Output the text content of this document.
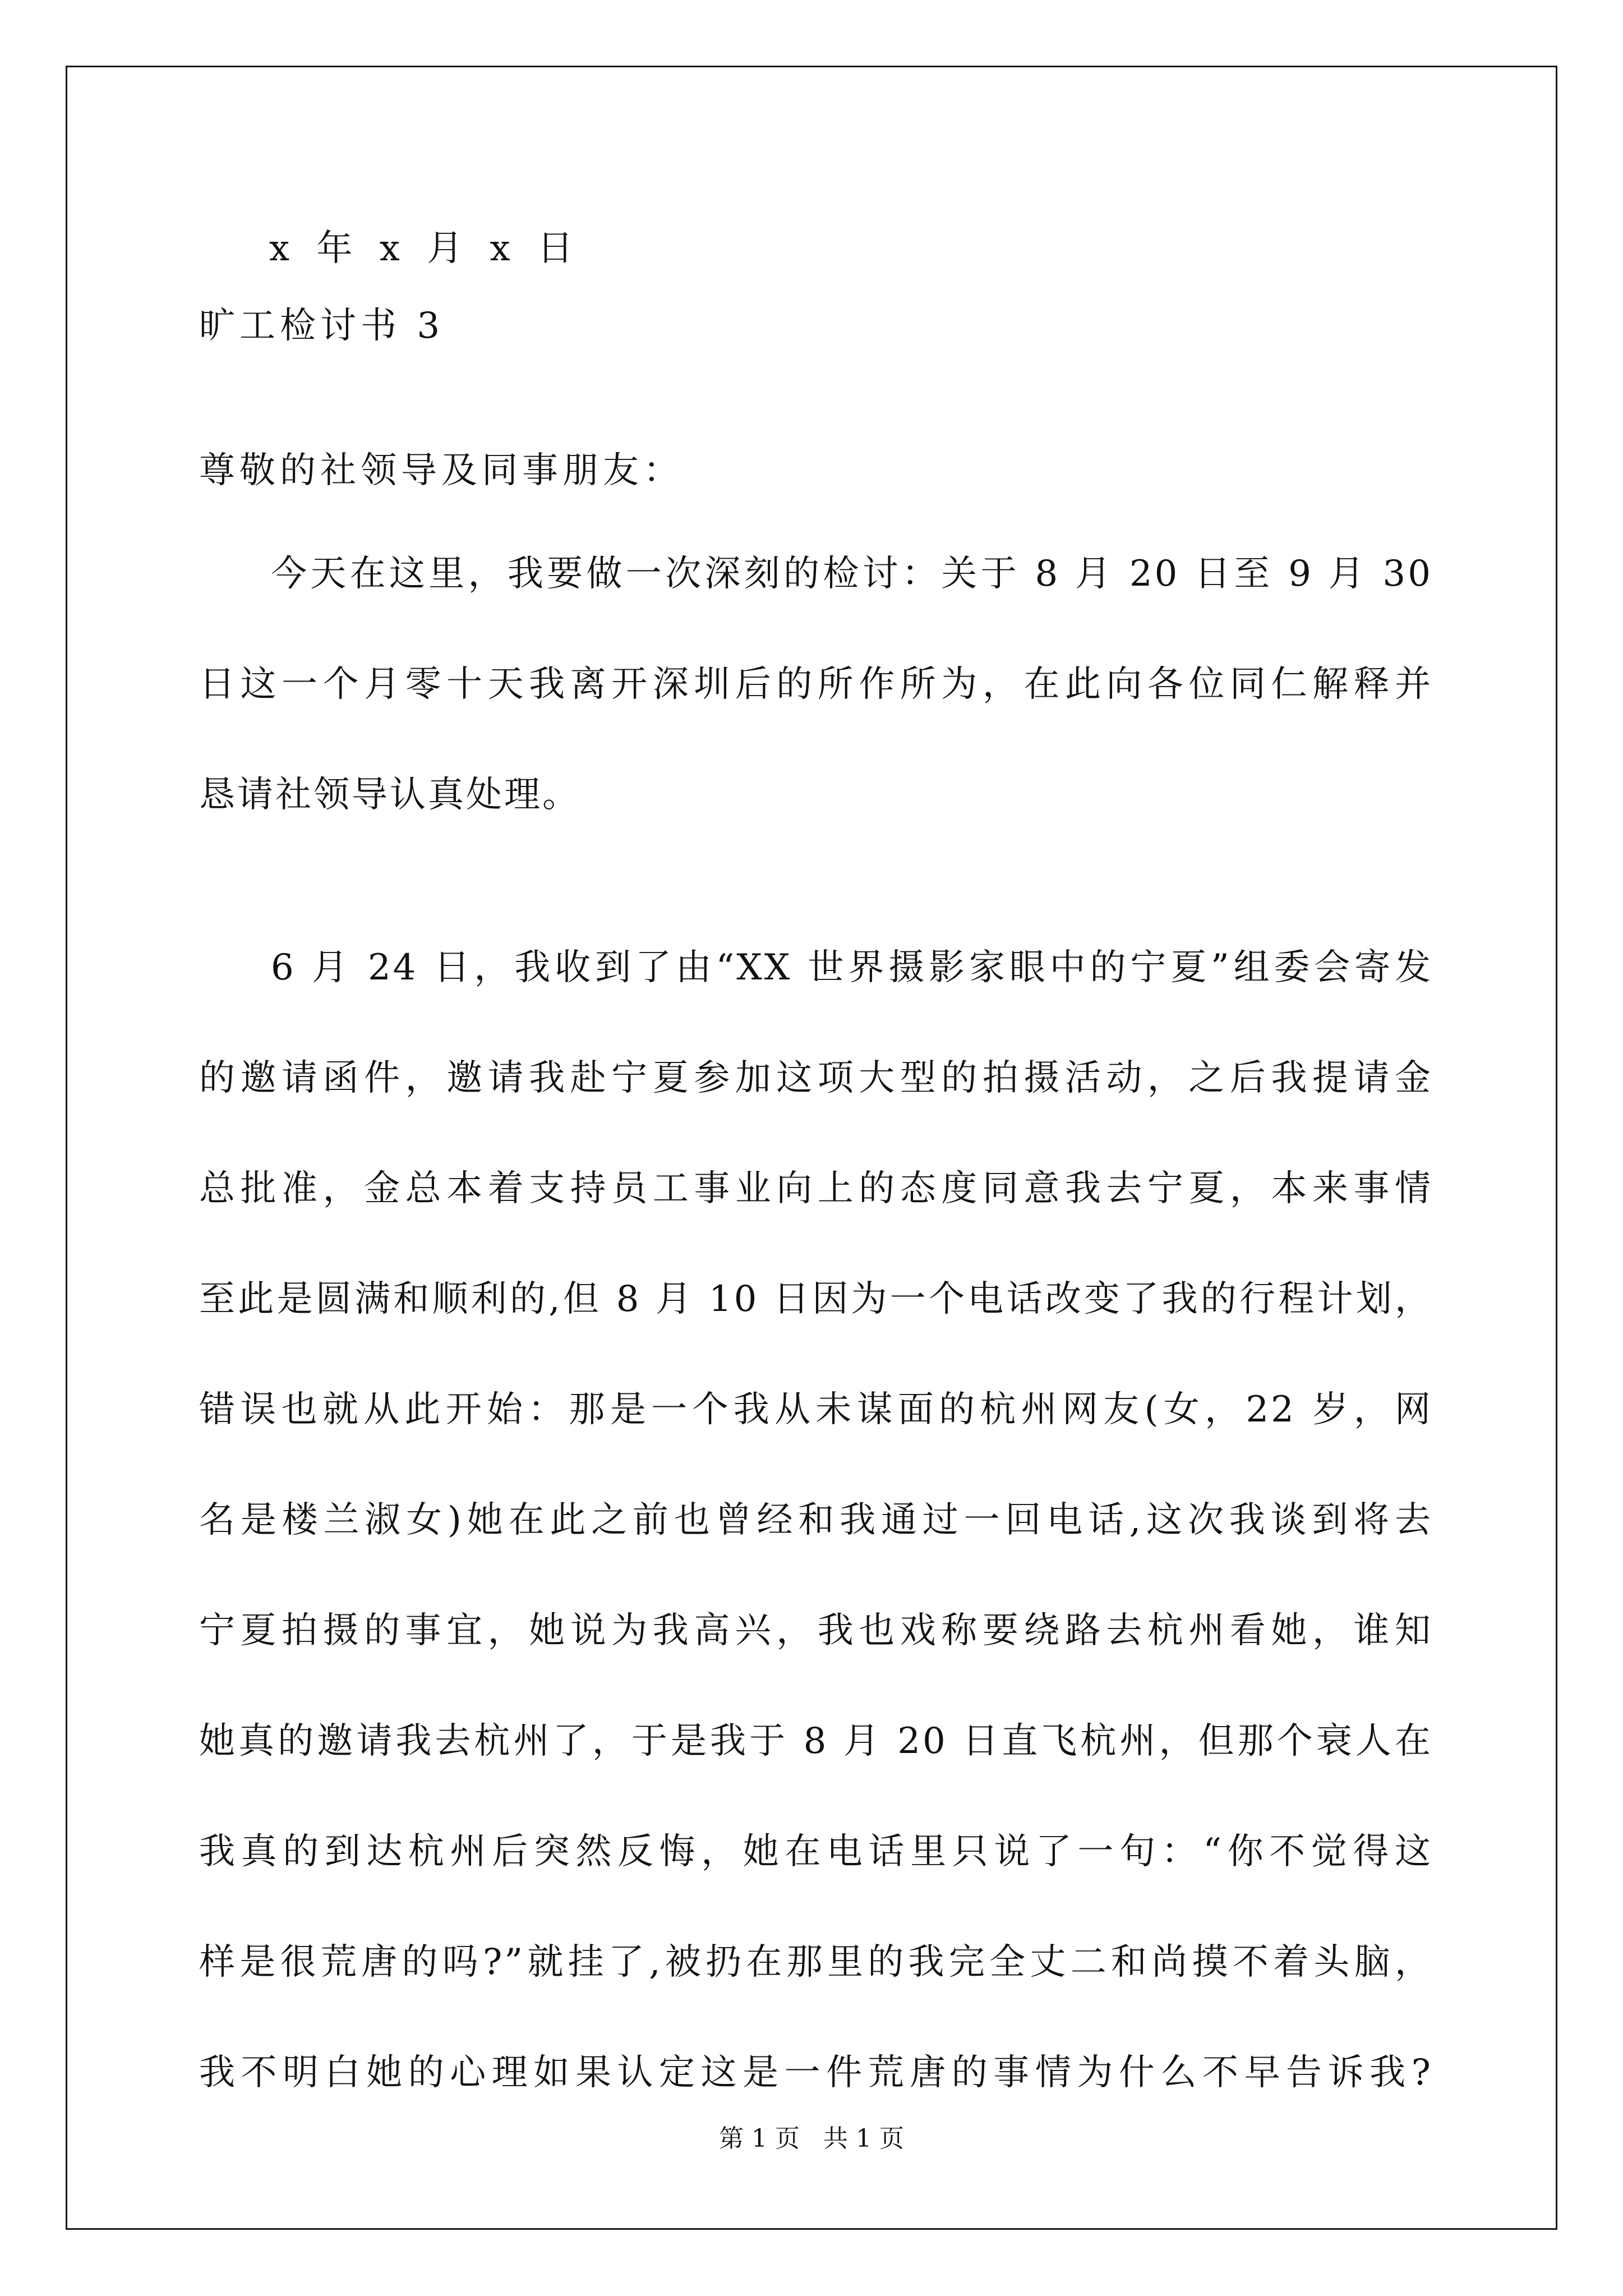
x 年 x 月 x 日
旷工检讨书 3
尊敬的社领导及同事朋友：
今天在这里，我要做一次深刻的检讨：关于 8 月 20 日至 9 月 30
日这一个月零十天我离开深圳后的所作所为，在此向各位同仁解释并
恳请社领导认真处理。
6 月 24 日，我收到了由“XX 世界摄影家眼中的宁夏”组委会寄发
的邀请函件，邀请我赴宁夏参加这项大型的拍摄活动，之后我提请金
总批准，金总本着支持员工事业向上的态度同意我去宁夏，本来事情
至此是圆满和顺利的,但 8 月 10 日因为一个电话改变了我的行程计划，
错误也就从此开始：那是一个我从未谋面的杭州网友(女，22 岁，网
名是楼兰淑女)她在此之前也曾经和我通过一回电话,这次我谈到将去
宁夏拍摄的事宜，她说为我高兴，我也戏称要绕路去杭州看她，谁知
她真的邀请我去杭州了，于是我于 8 月 20 日直飞杭州，但那个衰人在
我真的到达杭州后突然反悔，她在电话里只说了一句：“你不觉得这
样是很荒唐的吗?”就挂了,被扔在那里的我完全丈二和尚摸不着头脑，
我不明白她的心理如果认定这是一件荒唐的事情为什么不早告诉我?
第 1 页   共 1 页
